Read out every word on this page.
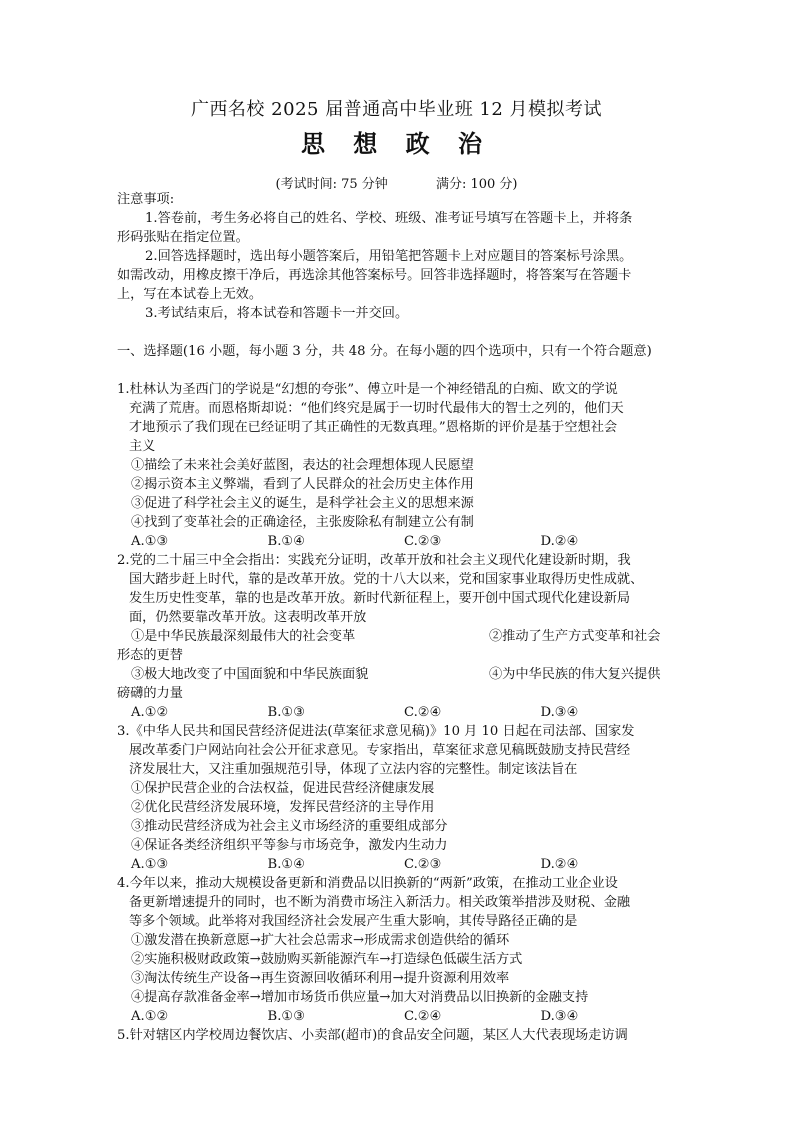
广西名校 2025 届普通高中毕业班 12 月模拟考试
思 想 政 治
(考试时间: 75 分钟	满分: 100 分)

注意事项:

1.答卷前，考生务必将自己的姓名、学校、班级、准考证号填写在答题卡上，并将条

形码张贴在指定位置。

2.回答选择题时，选出每小题答案后，用铅笔把答题卡上对应题目的答案标号涂黑。

如需改动，用橡皮擦干净后，再选涂其他答案标号。回答非选择题时，将答案写在答题卡

上，写在本试卷上无效。

3.考试结束后，将本试卷和答题卡一并交回。

一、选择题(16 小题，每小题 3 分，共 48 分。在每小题的四个选项中，只有一个符合题意)

1.杜林认为圣西门的学说是“幻想的夸张”、傅立叶是一个神经错乱的白痴、欧文的学说

充满了荒唐。而恩格斯却说：“他们终究是属于一切时代最伟大的智士之列的，他们天

才地预示了我们现在已经证明了其正确性的无数真理。”恩格斯的评价是基于空想社会

主义

①描绘了未来社会美好蓝图，表达的社会理想体现人民愿望

②揭示资本主义弊端，看到了人民群众的社会历史主体作用

③促进了科学社会主义的诞生，是科学社会主义的思想来源

④找到了变革社会的正确途径，主张废除私有制建立公有制

A.①③	B.①④	C.②③	D.②④

2.党的二十届三中全会指出：实践充分证明，改革开放和社会主义现代化建设新时期，我

国大踏步赶上时代，靠的是改革开放。党的十八大以来，党和国家事业取得历史性成就、

发生历史性变革，靠的也是改革开放。新时代新征程上，要开创中国式现代化建设新局

面，仍然要靠改革开放。这表明改革开放

①是中华民族最深刻最伟大的社会变革	②推动了生产方式变革和社会

形态的更替

③极大地改变了中国面貌和中华民族面貌	④为中华民族的伟大复兴提供

磅礴的力量

A.①②	B.①③	C.②④	D.③④

3.《中华人民共和国民营经济促进法(草案征求意见稿)》10 月 10 日起在司法部、国家发

展改革委门户网站向社会公开征求意见。专家指出，草案征求意见稿既鼓励支持民营经

济发展壮大，又注重加强规范引导，体现了立法内容的完整性。制定该法旨在

①保护民营企业的合法权益，促进民营经济健康发展

②优化民营经济发展环境，发挥民营经济的主导作用

③推动民营经济成为社会主义市场经济的重要组成部分

④保证各类经济组织平等参与市场竞争，激发内生动力

A.①③	B.①④	C.②③	D.②④

4.今年以来，推动大规模设备更新和消费品以旧换新的“两新”政策，在推动工业企业设

备更新增速提升的同时，也不断为消费市场注入新活力。相关政策举措涉及财税、金融

等多个领域。此举将对我国经济社会发展产生重大影响，其传导路径正确的是

①激发潜在换新意愿→扩大社会总需求→形成需求创造供给的循环

②实施积极财政政策→鼓励购买新能源汽车→打造绿色低碳生活方式

③淘汰传统生产设备→再生资源回收循环利用→提升资源利用效率

④提高存款准备金率→增加市场货币供应量→加大对消费品以旧换新的金融支持

A.①②	B.①③	C.②④	D.③④

5.针对辖区内学校周边餐饮店、小卖部(超市)的食品安全问题，某区人大代表现场走访调
